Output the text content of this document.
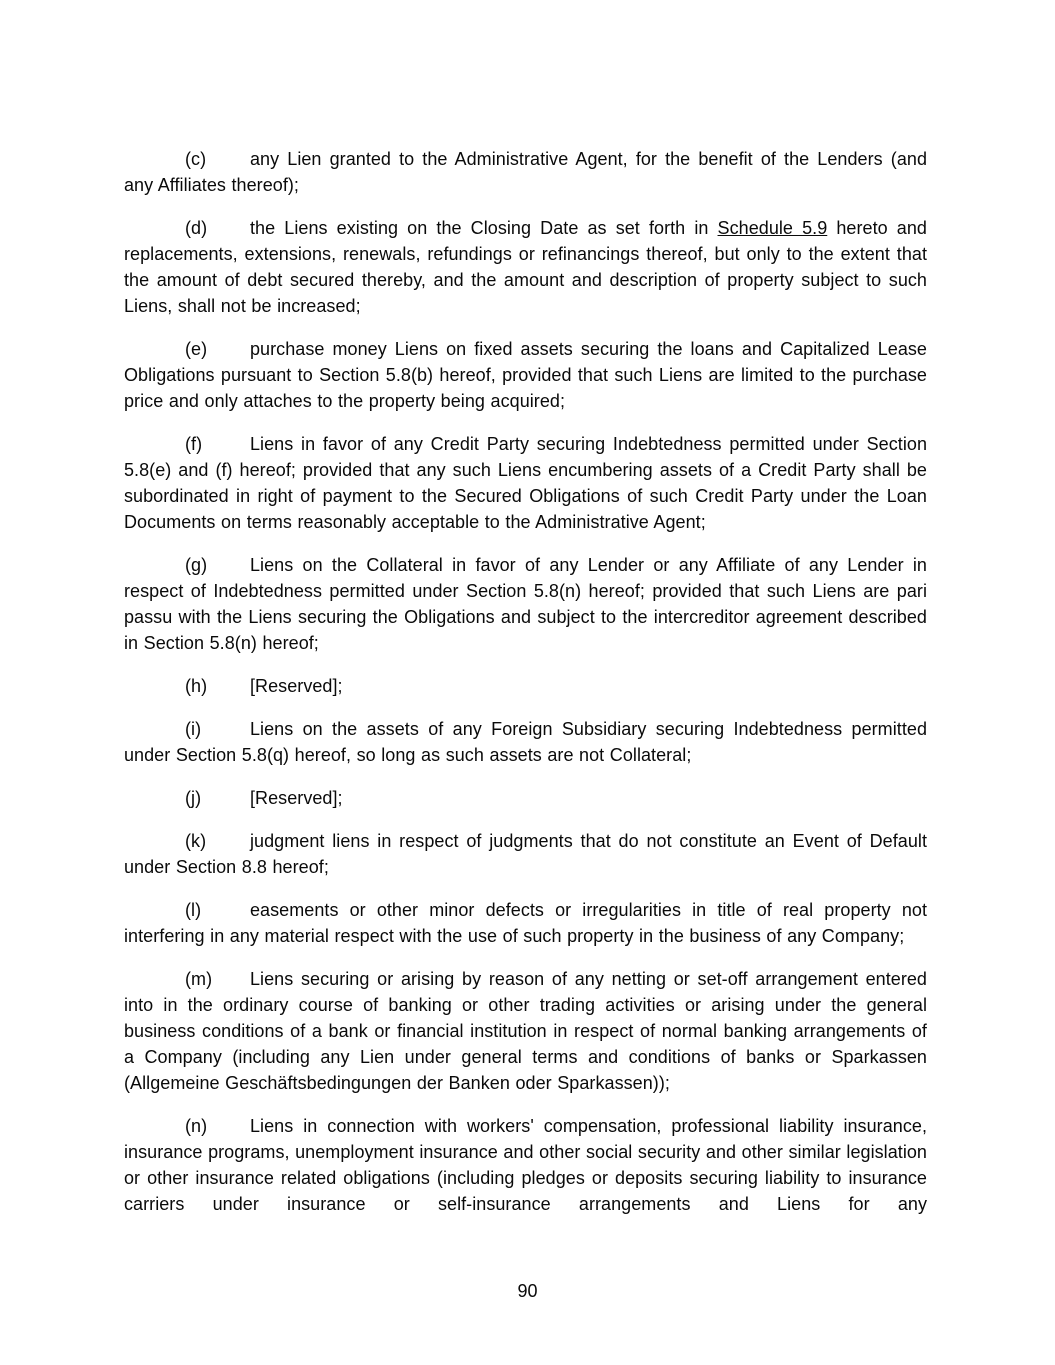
(c) any Lien granted to the Administrative Agent, for the benefit of the Lenders (and any Affiliates thereof);

(d) the Liens existing on the Closing Date as set forth in Schedule 5.9 hereto and replacements, extensions, renewals, refundings or refinancings thereof, but only to the extent that the amount of debt secured thereby, and the amount and description of property subject to such Liens, shall not be increased;

(e) purchase money Liens on fixed assets securing the loans and Capitalized Lease Obligations pursuant to Section 5.8(b) hereof, provided that such Liens are limited to the purchase price and only attaches to the property being acquired;

(f)	Liens in favor of any Credit Party securing Indebtedness permitted under Section 5.8(e) and (f) hereof; provided that any such Liens encumbering assets of a Credit Party shall be subordinated in right of payment to the Secured Obligations of such Credit Party under the Loan Documents on terms reasonably acceptable to the Administrative Agent;

(g) Liens on the Collateral in favor of any Lender or any Affiliate of any Lender in respect of Indebtedness permitted under Section 5.8(n) hereof; provided that such Liens are pari passu with the Liens securing the Obligations and subject to the intercreditor agreement described in Section 5.8(n) hereof;

(h) [Reserved];

(i)	Liens on the assets of any Foreign Subsidiary securing Indebtedness permitted under Section 5.8(q) hereof, so long as such assets are not Collateral;

(j)	[Reserved];

(k) judgment liens in respect of judgments that do not constitute an Event of Default under Section 8.8 hereof;

(l)	easements or other minor defects or irregularities in title of real property not interfering in any material respect with the use of such property in the business of any Company;

(m) Liens securing or arising by reason of any netting or set-off arrangement entered into in the ordinary course of banking or other trading activities or arising under the general business conditions of a bank or financial institution in respect of normal banking arrangements of a Company (including any Lien under general terms and conditions of banks or Sparkassen (Allgemeine Geschäftsbedingungen der Banken oder Sparkassen));

(n) Liens in connection with workers' compensation, professional liability insurance, insurance programs, unemployment insurance and other social security and other similar legislation or other insurance related obligations (including pledges or deposits securing liability to insurance carriers under insurance or self-insurance arrangements and Liens for any

90
